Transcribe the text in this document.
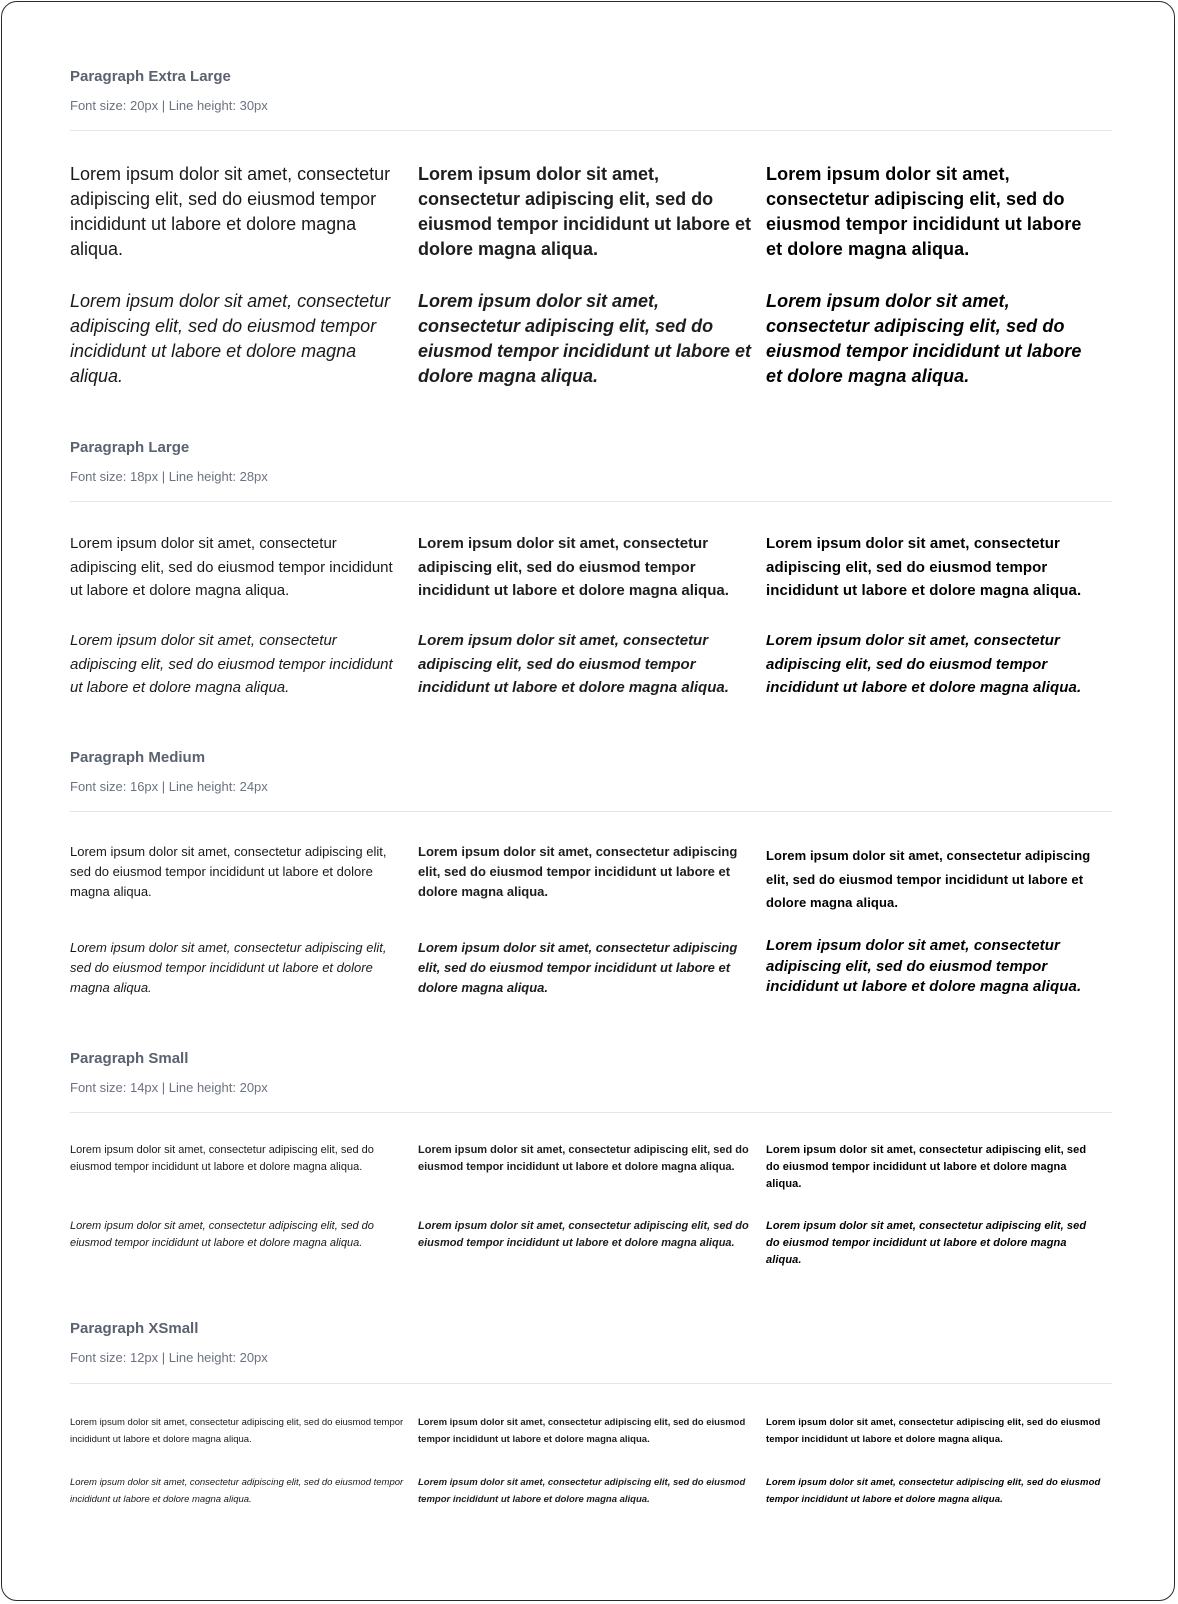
Paragraph Extra Large
Font size: 20px | Line height: 30px

Lorem ipsum dolor sit amet, consectetur adipiscing elit, sed do eiusmod tempor incididunt ut labore et dolore magna aliqua.

Lorem ipsum dolor sit amet, consectetur adipiscing elit, sed do eiusmod tempor incididunt ut labore et dolore magna aliqua.

Lorem ipsum dolor sit amet, consectetur adipiscing elit, sed do eiusmod tempor incididunt ut labore et dolore magna aliqua.

Lorem ipsum dolor sit amet, consectetur adipiscing elit, sed do eiusmod tempor incididunt ut labore et dolore magna aliqua.

Lorem ipsum dolor sit amet, consectetur adipiscing elit, sed do eiusmod tempor incididunt ut labore et dolore magna aliqua.

Lorem ipsum dolor sit amet, consectetur adipiscing elit, sed do eiusmod tempor incididunt ut labore et dolore magna aliqua.

Paragraph Large
Font size: 18px | Line height: 28px

Lorem ipsum dolor sit amet, consectetur adipiscing elit, sed do eiusmod tempor incididunt ut labore et dolore magna aliqua.

Lorem ipsum dolor sit amet, consectetur adipiscing elit, sed do eiusmod tempor incididunt ut labore et dolore magna aliqua.

Lorem ipsum dolor sit amet, consectetur adipiscing elit, sed do eiusmod tempor incididunt ut labore et dolore magna aliqua.

Lorem ipsum dolor sit amet, consectetur adipiscing elit, sed do eiusmod tempor incididunt ut labore et dolore magna aliqua.

Lorem ipsum dolor sit amet, consectetur adipiscing elit, sed do eiusmod tempor incididunt ut labore et dolore magna aliqua.

Lorem ipsum dolor sit amet, consectetur adipiscing elit, sed do eiusmod tempor incididunt ut labore et dolore magna aliqua.

Paragraph Medium
Font size: 16px | Line height: 24px

Lorem ipsum dolor sit amet, consectetur adipiscing elit, sed do eiusmod tempor incididunt ut labore et dolore magna aliqua.

Lorem ipsum dolor sit amet, consectetur adipiscing elit, sed do eiusmod tempor incididunt ut labore et dolore magna aliqua.

Lorem ipsum dolor sit amet, consectetur adipiscing elit, sed do eiusmod tempor incididunt ut labore et dolore magna aliqua.

Lorem ipsum dolor sit amet, consectetur adipiscing elit, sed do eiusmod tempor incididunt ut labore et dolore magna aliqua.

Lorem ipsum dolor sit amet, consectetur adipiscing elit, sed do eiusmod tempor incididunt ut labore et dolore magna aliqua.

Lorem ipsum dolor sit amet, consectetur adipiscing elit, sed do eiusmod tempor incididunt ut labore et dolore magna aliqua.

Paragraph Small
Font size: 14px | Line height: 20px

Lorem ipsum dolor sit amet, consectetur adipiscing elit, sed do eiusmod tempor incididunt ut labore et dolore magna aliqua.

Lorem ipsum dolor sit amet, consectetur adipiscing elit, sed do eiusmod tempor incididunt ut labore et dolore magna aliqua.

Lorem ipsum dolor sit amet, consectetur adipiscing elit, sed do eiusmod tempor incididunt ut labore et dolore magna aliqua.

Lorem ipsum dolor sit amet, consectetur adipiscing elit, sed do eiusmod tempor incididunt ut labore et dolore magna aliqua.

Lorem ipsum dolor sit amet, consectetur adipiscing elit, sed do eiusmod tempor incididunt ut labore et dolore magna aliqua.

Lorem ipsum dolor sit amet, consectetur adipiscing elit, sed do eiusmod tempor incididunt ut labore et dolore magna aliqua.

Paragraph XSmall
Font size: 12px | Line height: 20px

Lorem ipsum dolor sit amet, consectetur adipiscing elit, sed do eiusmod tempor incididunt ut labore et dolore magna aliqua.

Lorem ipsum dolor sit amet, consectetur adipiscing elit, sed do eiusmod tempor incididunt ut labore et dolore magna aliqua.

Lorem ipsum dolor sit amet, consectetur adipiscing elit, sed do eiusmod tempor incididunt ut labore et dolore magna aliqua.

Lorem ipsum dolor sit amet, consectetur adipiscing elit, sed do eiusmod tempor incididunt ut labore et dolore magna aliqua.

Lorem ipsum dolor sit amet, consectetur adipiscing elit, sed do eiusmod tempor incididunt ut labore et dolore magna aliqua.

Lorem ipsum dolor sit amet, consectetur adipiscing elit, sed do eiusmod tempor incididunt ut labore et dolore magna aliqua.
